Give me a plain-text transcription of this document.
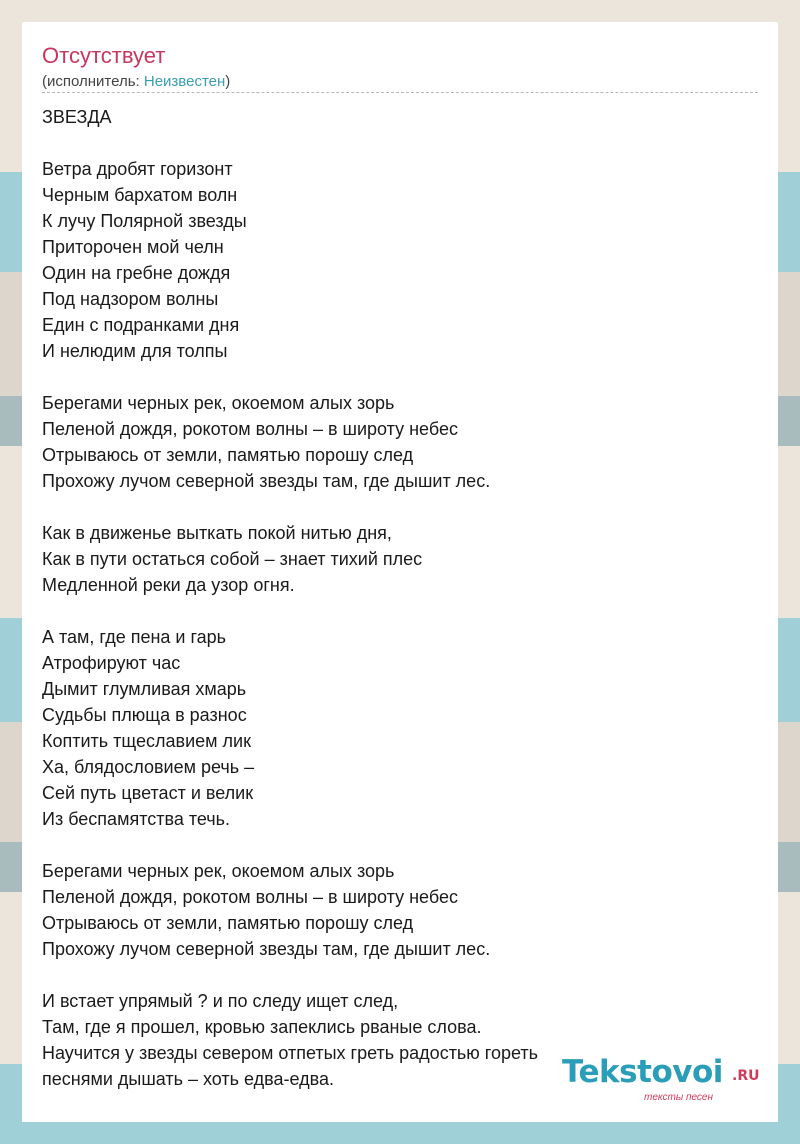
Отсутствует
(исполнитель: Неизвестен)
ЗВЕЗДА
Ветра дробят горизонт
Черным бархатом волн
К лучу Полярной звезды
Приторочен мой челн
Один на гребне дождя
Под надзором волны
Един с подранками дня
И нелюдим для толпы
Берегами черных рек, окоемом алых зорь
Пеленой дождя, рокотом волны – в широту небес
Отрываюсь от земли, памятью порошу след
Прохожу лучом северной звезды там, где дышит лес.
Как в движенье выткать покой нитью дня,
Как в пути остаться собой – знает тихий плес
Медленной реки да узор огня.
А там, где пена и гарь
Атрофируют час
Дымит глумливая хмарь
Судьбы плюща в разнос
Коптить тщеславием лик
Ха, блядословием речь –
Сей путь цветаст и велик
Из беспамятства течь.
Берегами черных рек, окоемом алых зорь
Пеленой дождя, рокотом волны – в широту небес
Отрываюсь от земли, памятью порошу след
Прохожу лучом северной звезды там, где дышит лес.
И встает упрямый ? и по следу ищет след,
Там, где я прошел, кровью запеклись рваные слова.
Научится у звезды севером отпетых греть радостью гореть
песнями дышать – хоть едва-едва.	Tekstovoi .RU
тексты песен
